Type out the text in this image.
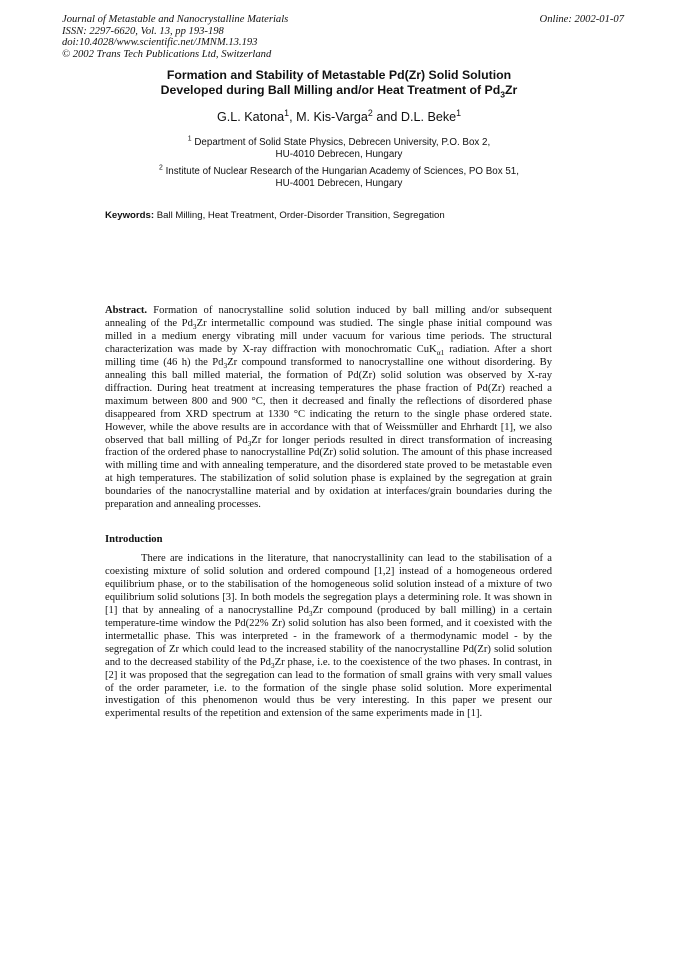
Journal of Metastable and Nanocrystalline Materials
ISSN: 2297-6620, Vol. 13, pp 193-198
doi:10.4028/www.scientific.net/JMNM.13.193
© 2002 Trans Tech Publications Ltd, Switzerland
Online: 2002-01-07
Formation and Stability of Metastable Pd(Zr) Solid Solution
Developed during Ball Milling and/or Heat Treatment of $Pd_3Zr$
G.L. Katona$^1$, M. Kis-Varga$^2$ and D.L. Beke$^1$
$^1$ Department of Solid State Physics, Debrecen University, P.O. Box 2,
HU-4010 Debrecen, Hungary
$^2$ Institute of Nuclear Research of the Hungarian Academy of Sciences, PO Box 51,
HU-4001 Debrecen, Hungary
Keywords: Ball Milling, Heat Treatment, Order-Disorder Transition, Segregation
Abstract. Formation of nanocrystalline solid solution induced by ball milling and/or subsequent annealing of the $Pd_3Zr$ intermetallic compound was studied. The single phase initial compound was milled in a medium energy vibrating mill under vacuum for various time periods. The structural characterization was made by X-ray diffraction with monochromatic CuK$_{\alpha 1}$ radiation. After a short milling time (46 h) the $Pd_3Zr$ compound transformed to nanocrystalline one without disordering. By annealing this ball milled material, the formation of Pd(Zr) solid solution was observed by X-ray diffraction. During heat treatment at increasing temperatures the phase fraction of Pd(Zr) reached a maximum between 800 and 900 °C, then it decreased and finally the reflections of disordered phase disappeared from XRD spectrum at 1330 °C indicating the return to the single phase ordered state. However, while the above results are in accordance with that of Weissmüller and Ehrhardt [1], we also observed that ball milling of $Pd_3Zr$ for longer periods resulted in direct transformation of increasing fraction of the ordered phase to nanocrystalline Pd(Zr) solid solution. The amount of this phase increased with milling time and with annealing temperature, and the disordered state proved to be metastable even at high temperatures. The stabilization of solid solution phase is explained by the segregation at grain boundaries of the nanocrystalline material and by oxidation at interfaces/grain boundaries during the preparation and annealing processes.
Introduction
There are indications in the literature, that nanocrystallinity can lead to the stabilisation of a coexisting mixture of solid solution and ordered compound [1,2] instead of a homogeneous ordered equilibrium phase, or to the stabilisation of the homogeneous solid solution instead of a mixture of two equilibrium solid solutions [3]. In both models the segregation plays a determining role. It was shown in [1] that by annealing of a nanocrystalline $Pd_3Zr$ compound (produced by ball milling) in a certain temperature-time window the Pd(22% Zr) solid solution has also been formed, and it coexisted with the intermetallic phase. This was interpreted - in the framework of a thermodynamic model - by the segregation of Zr which could lead to the increased stability of the nanocrystalline Pd(Zr) solid solution and to the decreased stability of the $Pd_3Zr$ phase, i.e. to the coexistence of the two phases. In contrast, in [2] it was proposed that the segregation can lead to the formation of small grains with very small values of the order parameter, i.e. to the formation of the single phase solid solution. More experimental investigation of this phenomenon would thus be very interesting. In this paper we present our experimental results of the repetition and extension of the same experiments made in [1].
